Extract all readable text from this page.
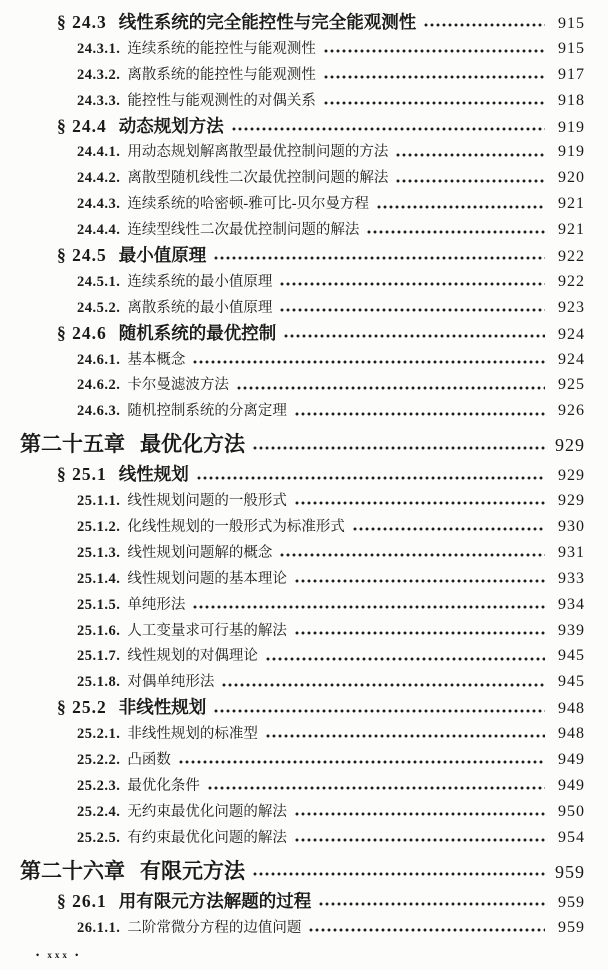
§ 24.3 线性系统的完全能控性与完全能观测性	915
24.3.1. 连续系统的能控性与能观测性	915
24.3.2. 离散系统的能控性与能观测性	917
24.3.3. 能控性与能观测性的对偶关系	918
§ 24.4 动态规划方法	919
24.4.1. 用动态规划解离散型最优控制问题的方法	919
24.4.2. 离散型随机线性二次最优控制问题的解法	920
24.4.3. 连续系统的哈密顿-雅可比-贝尔曼方程	921
24.4.4. 连续型线性二次最优控制问题的解法	921
§ 24.5 最小值原理	922
24.5.1. 连续系统的最小值原理	922
24.5.2. 离散系统的最小值原理	923
§ 24.6 随机系统的最优控制	924
24.6.1. 基本概念	924
24.6.2. 卡尔曼滤波方法	925
24.6.3. 随机控制系统的分离定理	926
第二十五章 最优化方法	929
§ 25.1 线性规划	929
25.1.1. 线性规划问题的一般形式	929
25.1.2. 化线性规划的一般形式为标准形式	930
25.1.3. 线性规划问题解的概念	931
25.1.4. 线性规划问题的基本理论	933
25.1.5. 单纯形法	934
25.1.6. 人工变量求可行基的解法	939
25.1.7. 线性规划的对偶理论	945
25.1.8. 对偶单纯形法	945
§ 25.2 非线性规划	948
25.2.1. 非线性规划的标准型	948
25.2.2. 凸函数	949
25.2.3. 最优化条件	949
25.2.4. 无约束最优化问题的解法	950
25.2.5. 有约束最优化问题的解法	954
第二十六章 有限元方法	959
§ 26.1 用有限元方法解题的过程	959
26.1.1. 二阶常微分方程的边值问题	959
• xxx •
